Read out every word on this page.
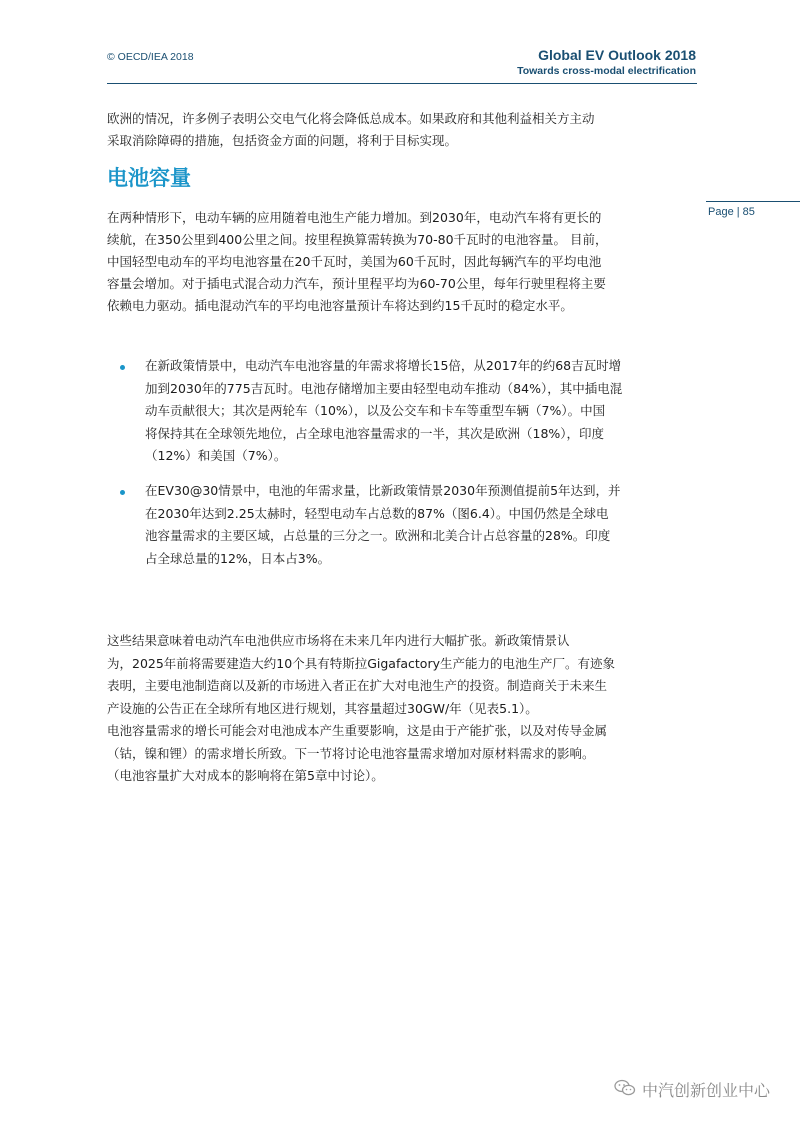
© OECD/IEA 2018	Global EV Outlook 2018
Towards cross-modal electrification
Page | 85
欧洲的情况，许多例子表明公交电气化将会降低总成本。如果政府和其他利益相关方主动
采取消除障碍的措施，包括资金方面的问题，将利于目标实现。
电池容量
在两种情形下，电动车辆的应用随着电池生产能力增加。到2030年，电动汽车将有更长的
续航，在350公里到400公里之间。按里程换算需转换为70-80千瓦时的电池容量。 目前，
中国轻型电动车的平均电池容量在20千瓦时，美国为60千瓦时，因此每辆汽车的平均电池
容量会增加。对于插电式混合动力汽车，预计里程平均为60-70公里，每年行驶里程将主要
依赖电力驱动。插电混动汽车的平均电池容量预计车将达到约15千瓦时的稳定水平。
在新政策情景中，电动汽车电池容量的年需求将增长15倍，从2017年的约68吉瓦时增
加到2030年的775吉瓦时。电池存储增加主要由轻型电动车推动（84%），其中插电混
动车贡献很大；其次是两轮车（10%），以及公交车和卡车等重型车辆（7%）。中国
将保持其在全球领先地位，占全球电池容量需求的一半，其次是欧洲（18%），印度
（12%）和美国（7%）。
在EV30@30情景中，电池的年需求量，比新政策情景2030年预测值提前5年达到，并
在2030年达到2.25太赫时，轻型电动车占总数的87%（图6.4）。中国仍然是全球电
池容量需求的主要区域，占总量的三分之一。欧洲和北美合计占总容量的28%。印度
占全球总量的12%，日本占3%。
这些结果意味着电动汽车电池供应市场将在未来几年内进行大幅扩张。新政策情景认
为，2025年前将需要建造大约10个具有特斯拉Gigafactory生产能力的电池生产厂。有迹象
表明，主要电池制造商以及新的市场进入者正在扩大对电池生产的投资。制造商关于未来生
产设施的公告正在全球所有地区进行规划，其容量超过30GW/年（见表5.1）。
电池容量需求的增长可能会对电池成本产生重要影响，这是由于产能扩张，以及对传导金属
（钴，镍和锂）的需求增长所致。下一节将讨论电池容量需求增加对原材料需求的影响。
（电池容量扩大对成本的影响将在第5章中讨论）。
中汽创新创业中心
